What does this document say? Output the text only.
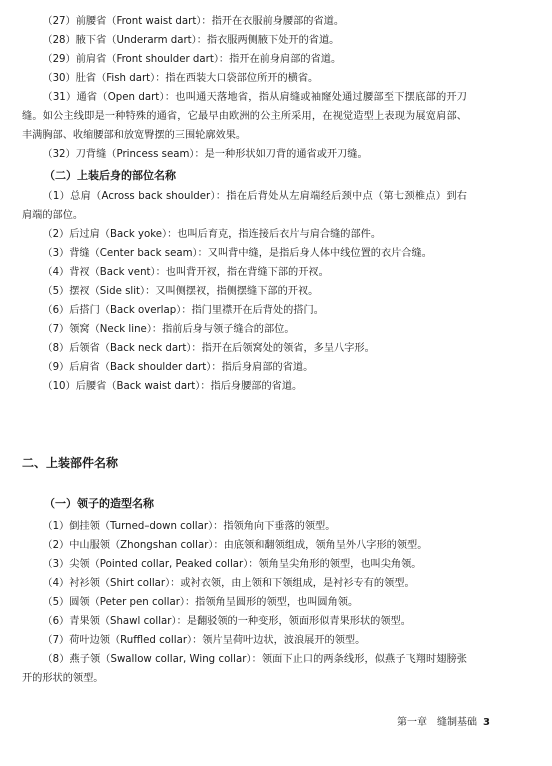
（27）前腰省（Front waist dart）：指开在衣服前身腰部的省道。

（28）腋下省（Underarm dart）：指衣服两侧腋下处开的省道。

（29）前肩省（Front shoulder dart）：指开在前身肩部的省道。

（30）肚省（Fish dart）：指在西装大口袋部位所开的横省。

（31）通省（Open dart）：也叫通天落地省，指从肩缝或袖窿处通过腰部至下摆底部的开刀缝。如公主线即是一种特殊的通省，它最早由欧洲的公主所采用，在视觉造型上表现为展宽肩部、丰满胸部、收缩腰部和放宽臀摆的三围轮廓效果。

（32）刀背缝（Princess seam）：是一种形状如刀背的通省或开刀缝。

（二）上装后身的部位名称

（1）总肩（Across back shoulder）：指在后背处从左肩端经后颈中点（第七颈椎点）到右肩端的部位。

（2）后过肩（Back yoke）：也叫后育克，指连接后衣片与肩合缝的部件。

（3）背缝（Center back seam）：又叫背中缝，是指后身人体中线位置的衣片合缝。

（4）背衩（Back vent）：也叫背开衩，指在背缝下部的开衩。

（5）摆衩（Side slit）：又叫侧摆衩，指侧摆缝下部的开衩。

（6）后搭门（Back overlap）：指门里襟开在后背处的搭门。

（7）领窝（Neck line）：指前后身与领子缝合的部位。

（8）后领省（Back neck dart）：指开在后领窝处的领省，多呈八字形。

（9）后肩省（Back shoulder dart）：指后身肩部的省道。

（10）后腰省（Back waist dart）：指后身腰部的省道。

二、上装部件名称

（一）领子的造型名称

（1）倒挂领（Turned–down collar）：指领角向下垂落的领型。

（2）中山服领（Zhongshan collar）：由底领和翻领组成，领角呈外八字形的领型。

（3）尖领（Pointed collar, Peaked collar）：领角呈尖角形的领型，也叫尖角领。

（4）衬衫领（Shirt collar）：或衬衣领，由上领和下领组成，是衬衫专有的领型。

（5）圆领（Peter pen collar）：指领角呈圆形的领型，也叫圆角领。

（6）青果领（Shawl collar）：是翻驳领的一种变形，领面形似青果形状的领型。

（7）荷叶边领（Ruffled collar）：领片呈荷叶边状，波浪展开的领型。

（8）燕子领（Swallow collar, Wing collar）：领面下止口的两条线形，似燕子飞翔时翅膀张开的形状的领型。

第一章 缝制基础 3
